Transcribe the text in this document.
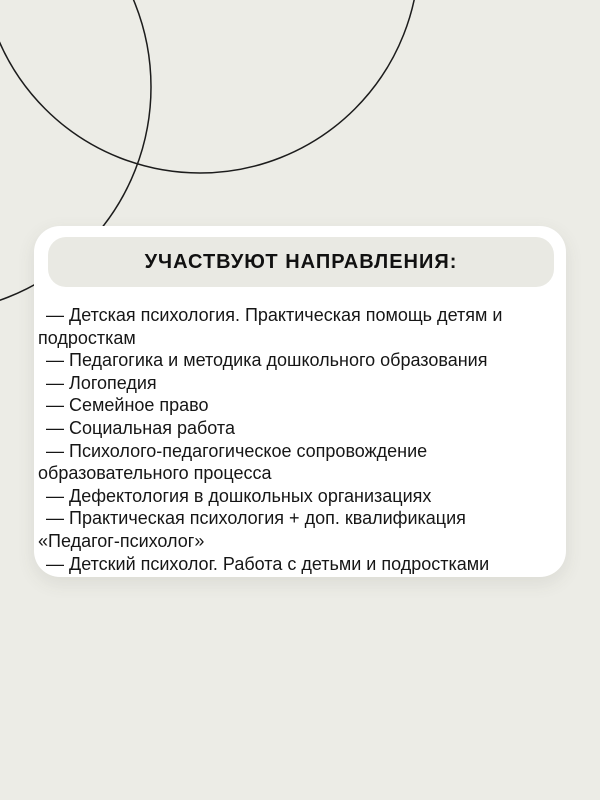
УЧАСТВУЮТ НАПРАВЛЕНИЯ:
— Детская психология. Практическая помощь детям и подросткам
— Педагогика и методика дошкольного образования
— Логопедия
— Семейное право
— Социальная работа
— Психолого-педагогическое сопровождение образовательного процесса
— Дефектология в дошкольных организациях
— Практическая психология + доп. квалификация «Педагог-психолог»
— Детский психолог. Работа с детьми и подростками
